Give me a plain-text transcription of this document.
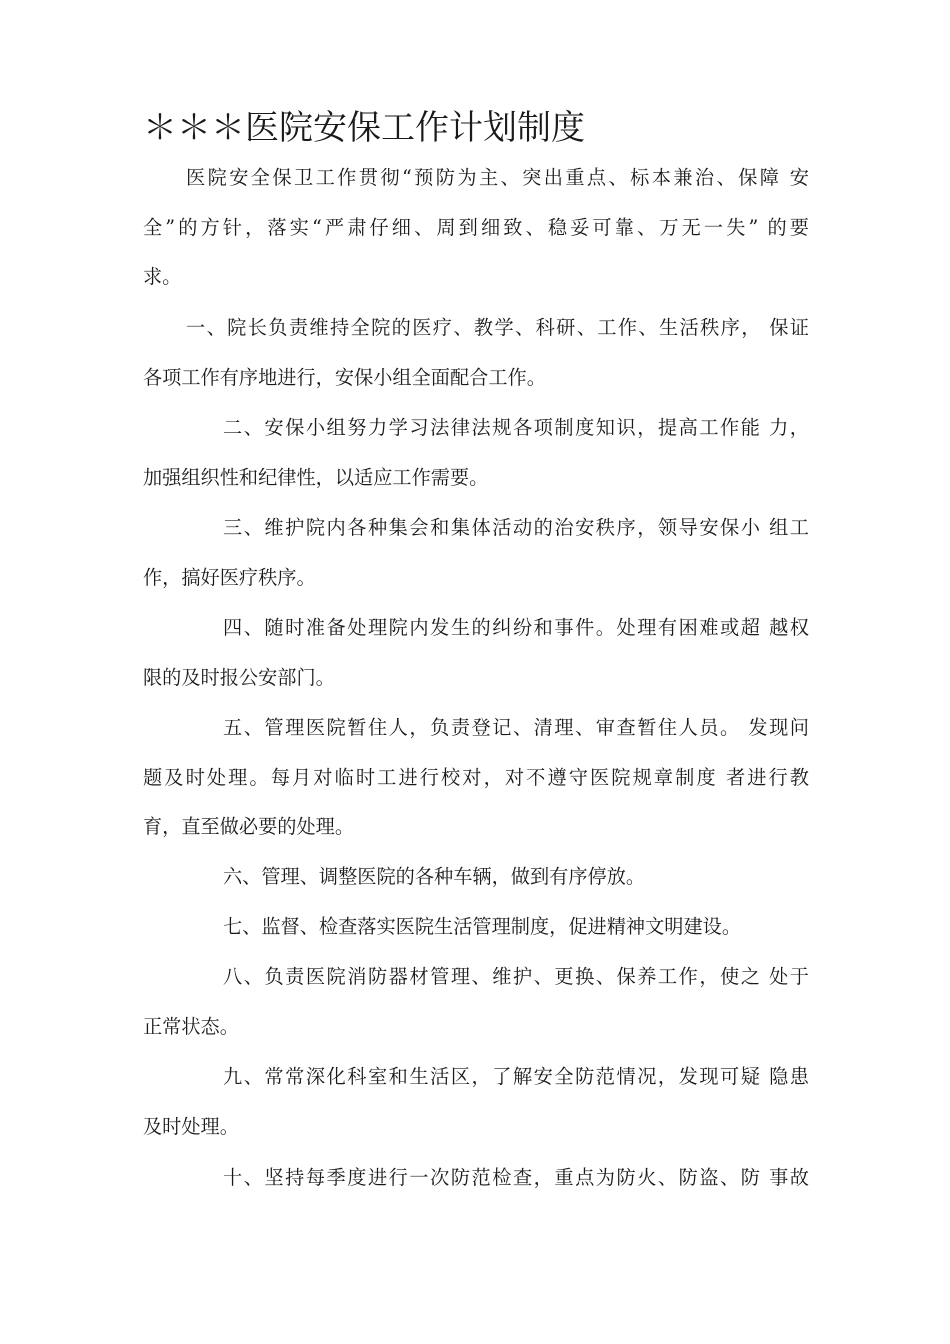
＊＊＊医院安保工作计划制度

医院安全保卫工作贯彻“预防为主、突出重点、标本兼治、保障 安

全”的方针，落实“严肃仔细、周到细致、稳妥可靠、万无一失” 的要

求。

一、院长负责维持全院的医疗、教学、科研、工作、生活秩序， 保证

各项工作有序地进行，安保小组全面配合工作。

二、安保小组努力学习法律法规各项制度知识，提高工作能 力，

加强组织性和纪律性，以适应工作需要。

三、维护院内各种集会和集体活动的治安秩序，领导安保小 组工

作，搞好医疗秩序。

四、随时准备处理院内发生的纠纷和事件。处理有困难或超 越权

限的及时报公安部门。

五、管理医院暂住人，负责登记、清理、审查暂住人员。 发现问

题及时处理。每月对临时工进行校对，对不遵守医院规章制度 者进行教

育，直至做必要的处理。

六、管理、调整医院的各种车辆，做到有序停放。

七、监督、检查落实医院生活管理制度，促进精神文明建设。

八、负责医院消防器材管理、维护、更换、保养工作，使之 处于

正常状态。

九、常常深化科室和生活区，了解安全防范情况，发现可疑 隐患

及时处理。

十、坚持每季度进行一次防范检查，重点为防火、防盗、防 事故
